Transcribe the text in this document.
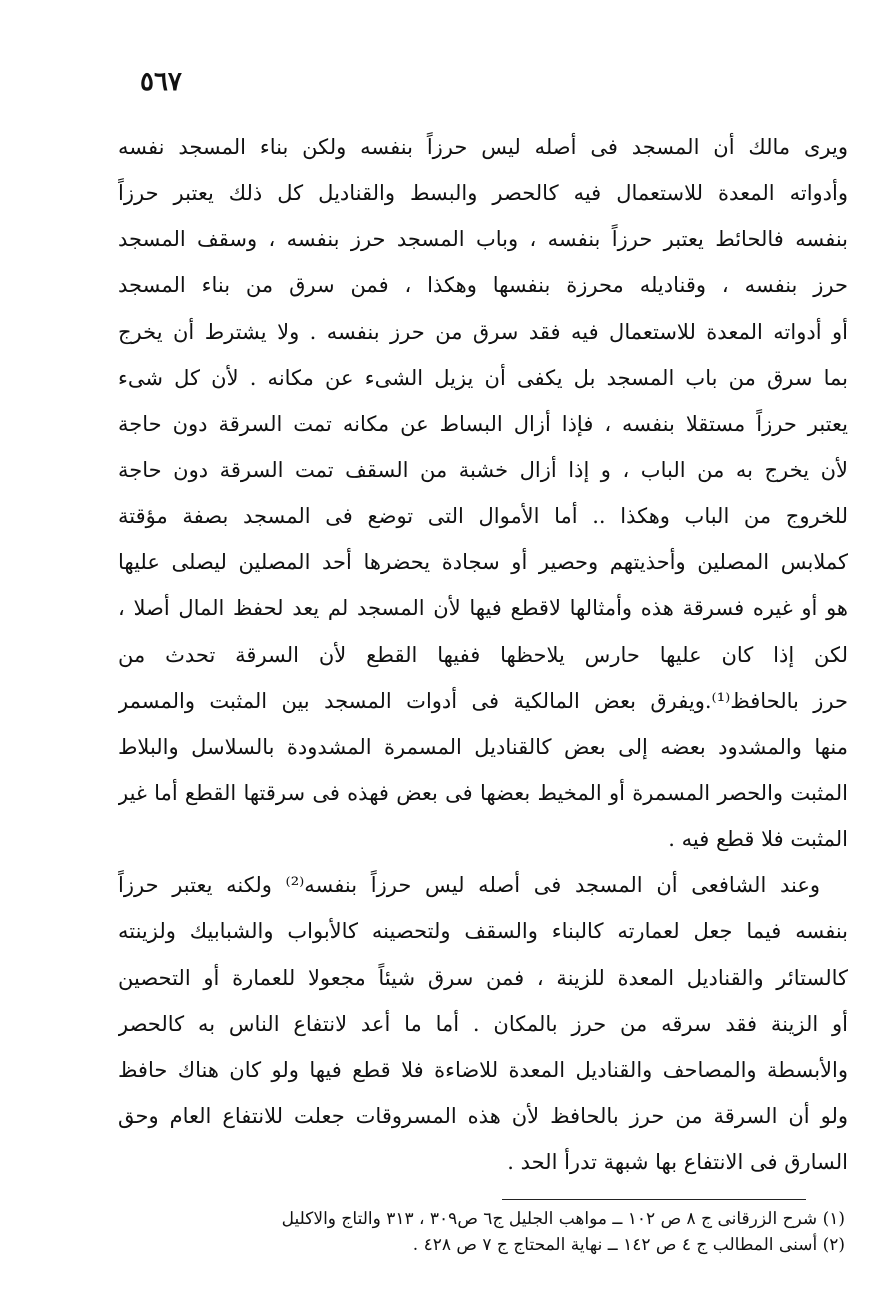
٥٦٧
ويرى مالك أن المسجد فى أصله ليس حرزاً بنفسه ولكن بناء المسجد نفسه
وأدواته المعدة للاستعمال فيه كالحصر والبسط والقناديل كل ذلك يعتبر حرزاً
بنفسه فالحائط يعتبر حرزاً بنفسه ، وباب المسجد حرز بنفسه ، وسقف المسجد
حرز بنفسه ، وقناديله محرزة بنفسها وهكذا ، فمن سرق من بناء المسجد
أو أدواته المعدة للاستعمال فيه فقد سرق من حرز بنفسه . ولا يشترط أن يخرج
بما سرق من باب المسجد بل يكفى أن يزيل الشىء عن مكانه . لأن كل شىء
يعتبر حرزاً مستقلا بنفسه ، فإذا أزال البساط عن مكانه تمت السرقة دون حاجة
لأن يخرج به من الباب ، و إذا أزال خشبة من السقف تمت السرقة دون حاجة
للخروج من الباب وهكذا .. أما الأموال التى توضع فى المسجد بصفة مؤقتة
كملابس المصلين وأحذيتهم وحصير أو سجادة يحضرها أحد المصلين ليصلى عليها
هو أو غيره فسرقة هذه وأمثالها لاقطع فيها لأن المسجد لم يعد لحفظ المال أصلا ،
لكن إذا كان عليها حارس يلاحظها ففيها القطع لأن السرقة تحدث من
حرز بالحافظ⁽¹⁾.ويفرق بعض المالكية فى أدوات المسجد بين المثبت والمسمر
منها والمشدود بعضه إلى بعض كالقناديل المسمرة المشدودة بالسلاسل والبلاط
المثبت والحصر المسمرة أو المخيط بعضها فى بعض فهذه فى سرقتها القطع أما غير
المثبت فلا قطع فيه .
وعند الشافعى أن المسجد فى أصله ليس حرزاً بنفسه⁽²⁾ ولكنه يعتبر حرزاً
بنفسه فيما جعل لعمارته كالبناء والسقف ولتحصينه كالأبواب والشبابيك ولزينته
كالستائر والقناديل المعدة للزينة ، فمن سرق شيئاً مجعولا للعمارة أو التحصين
أو الزينة فقد سرقه من حرز بالمكان . أما ما أعد لانتفاع الناس به كالحصر
والأبسطة والمصاحف والقناديل المعدة للاضاءة فلا قطع فيها ولو كان هناك حافظ
ولو أن السرقة من حرز بالحافظ لأن هذه المسروقات جعلت للانتفاع العام وحق
السارق فى الانتفاع بها شبهة تدرأ الحد .
(١) شرح الزرقانى ج ٨ ص ١٠٢ ــ مواهب الجليل ج٦ ص٣٠٩ ، ٣١٣ والتاج والاكليل
(٢) أسنى المطالب ج ٤ ص ١٤٢ ــ نهاية المحتاج ج ٧ ص ٤٢٨ .
